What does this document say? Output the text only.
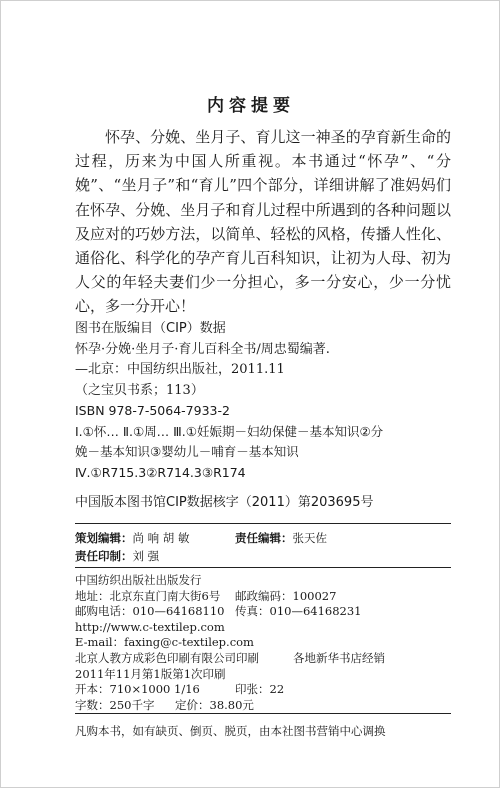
内容提要

怀孕、分娩、坐月子、育儿这一神圣的孕育新生命的过程，历来为中国人所重视。本书通过“怀孕”、“分娩”、“坐月子”和“育儿”四个部分，详细讲解了准妈妈们在怀孕、分娩、坐月子和育儿过程中所遇到的各种问题以及应对的巧妙方法，以简单、轻松的风格，传播人性化、通俗化、科学化的孕产育儿百科知识，让初为人母、初为人父的年轻夫妻们少一分担心，多一分安心，少一分忧心，多一分开心！

图书在版编目（CIP）数据
怀孕·分娩·坐月子·育儿百科全书/周忠蜀编著.
—北京：中国纺织出版社，2011.11
（之宝贝书系；113）
ISBN 978-7-5064-7933-2
Ⅰ.①怀… Ⅱ.①周… Ⅲ.①妊娠期－妇幼保健－基本知识②分
娩－基本知识③婴幼儿－哺育－基本知识
Ⅳ.①R715.3②R714.3③R174
中国版本图书馆CIP数据核字（2011）第203695号
策划编辑：尚 响 胡 敏	责任编辑：张天佐
责任印制：刘 强
中国纺织出版社出版发行
地址：北京东直门南大街6号 邮政编码：100027
邮购电话：010—64168110 传真：010—64168231
http://www.c-textilep.com
E-mail：faxing@c-textilep.com
北京人教方成彩色印刷有限公司印刷	各地新华书店经销
2011年11月第1版第1次印刷
开本：710×1000 1/16	印张：22
字数：250千字 定价：38.80元
凡购本书，如有缺页、倒页、脱页，由本社图书营销中心调换
